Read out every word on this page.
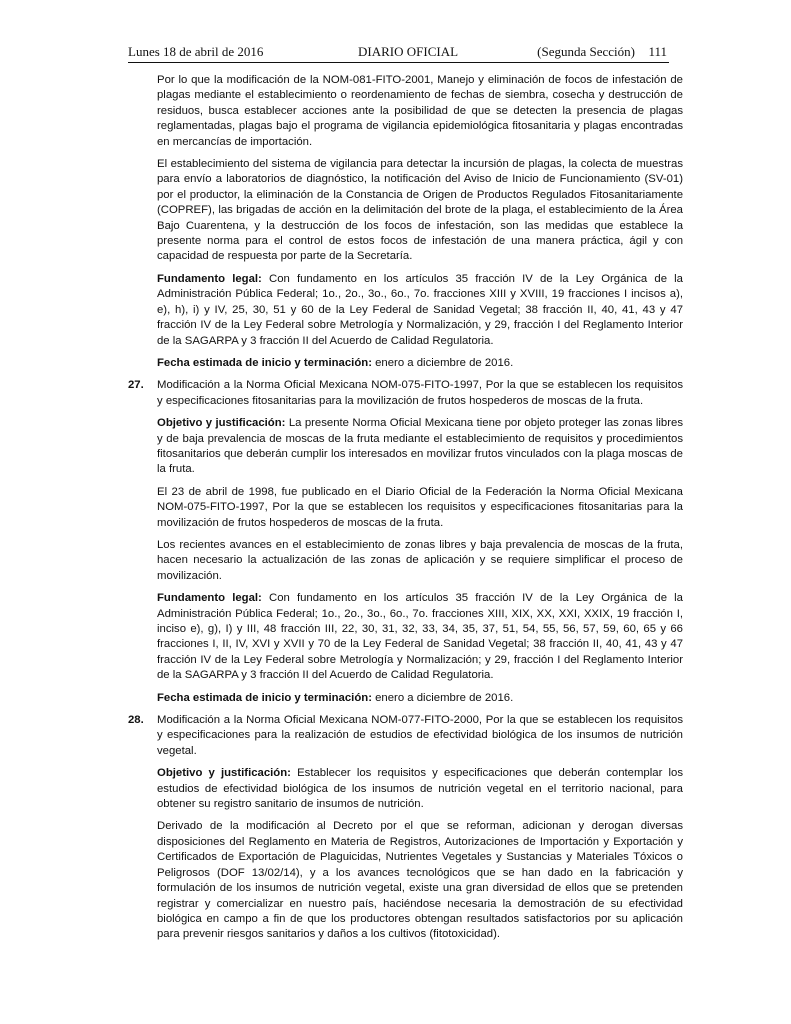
Lunes 18 de abril de 2016	DIARIO OFICIAL	(Segunda Sección) 111

Por lo que la modificación de la NOM-081-FITO-2001, Manejo y eliminación de focos de infestación de plagas mediante el establecimiento o reordenamiento de fechas de siembra, cosecha y destrucción de residuos, busca establecer acciones ante la posibilidad de que se detecten la presencia de plagas reglamentadas, plagas bajo el programa de vigilancia epidemiológica fitosanitaria y plagas encontradas en mercancías de importación.

El establecimiento del sistema de vigilancia para detectar la incursión de plagas, la colecta de muestras para envío a laboratorios de diagnóstico, la notificación del Aviso de Inicio de Funcionamiento (SV-01) por el productor, la eliminación de la Constancia de Origen de Productos Regulados Fitosanitariamente (COPREF), las brigadas de acción en la delimitación del brote de la plaga, el establecimiento de la Área Bajo Cuarentena, y la destrucción de los focos de infestación, son las medidas que establece la presente norma para el control de estos focos de infestación de una manera práctica, ágil y con capacidad de respuesta por parte de la Secretaría.

Fundamento legal: Con fundamento en los artículos 35 fracción IV de la Ley Orgánica de la Administración Pública Federal; 1o., 2o., 3o., 6o., 7o. fracciones XIII y XVIII, 19 fracciones I incisos a), e), h), i) y IV, 25, 30, 51 y 60 de la Ley Federal de Sanidad Vegetal; 38 fracción II, 40, 41, 43 y 47 fracción IV de la Ley Federal sobre Metrología y Normalización, y 29, fracción I del Reglamento Interior de la SAGARPA y 3 fracción II del Acuerdo de Calidad Regulatoria.

Fecha estimada de inicio y terminación: enero a diciembre de 2016.

27. Modificación a la Norma Oficial Mexicana NOM-075-FITO-1997, Por la que se establecen los requisitos y especificaciones fitosanitarias para la movilización de frutos hospederos de moscas de la fruta.

Objetivo y justificación: La presente Norma Oficial Mexicana tiene por objeto proteger las zonas libres y de baja prevalencia de moscas de la fruta mediante el establecimiento de requisitos y procedimientos fitosanitarios que deberán cumplir los interesados en movilizar frutos vinculados con la plaga moscas de la fruta.

El 23 de abril de 1998, fue publicado en el Diario Oficial de la Federación la Norma Oficial Mexicana NOM-075-FITO-1997, Por la que se establecen los requisitos y especificaciones fitosanitarias para la movilización de frutos hospederos de moscas de la fruta.

Los recientes avances en el establecimiento de zonas libres y baja prevalencia de moscas de la fruta, hacen necesario la actualización de las zonas de aplicación y se requiere simplificar el proceso de movilización.

Fundamento legal: Con fundamento en los artículos 35 fracción IV de la Ley Orgánica de la Administración Pública Federal; 1o., 2o., 3o., 6o., 7o. fracciones XIII, XIX, XX, XXI, XXIX, 19 fracción I, inciso e), g), I) y III, 48 fracción III, 22, 30, 31, 32, 33, 34, 35, 37, 51, 54, 55, 56, 57, 59, 60, 65 y 66 fracciones I, II, IV, XVI y XVII y 70 de la Ley Federal de Sanidad Vegetal; 38 fracción II, 40, 41, 43 y 47 fracción IV de la Ley Federal sobre Metrología y Normalización; y 29, fracción I del Reglamento Interior de la SAGARPA y 3 fracción II del Acuerdo de Calidad Regulatoria.

Fecha estimada de inicio y terminación: enero a diciembre de 2016.

28. Modificación a la Norma Oficial Mexicana NOM-077-FITO-2000, Por la que se establecen los requisitos y especificaciones para la realización de estudios de efectividad biológica de los insumos de nutrición vegetal.

Objetivo y justificación: Establecer los requisitos y especificaciones que deberán contemplar los estudios de efectividad biológica de los insumos de nutrición vegetal en el territorio nacional, para obtener su registro sanitario de insumos de nutrición.

Derivado de la modificación al Decreto por el que se reforman, adicionan y derogan diversas disposiciones del Reglamento en Materia de Registros, Autorizaciones de Importación y Exportación y Certificados de Exportación de Plaguicidas, Nutrientes Vegetales y Sustancias y Materiales Tóxicos o Peligrosos (DOF 13/02/14), y a los avances tecnológicos que se han dado en la fabricación y formulación de los insumos de nutrición vegetal, existe una gran diversidad de ellos que se pretenden registrar y comercializar en nuestro país, haciéndose necesaria la demostración de su efectividad biológica en campo a fin de que los productores obtengan resultados satisfactorios por su aplicación para prevenir riesgos sanitarios y daños a los cultivos (fitotoxicidad).
